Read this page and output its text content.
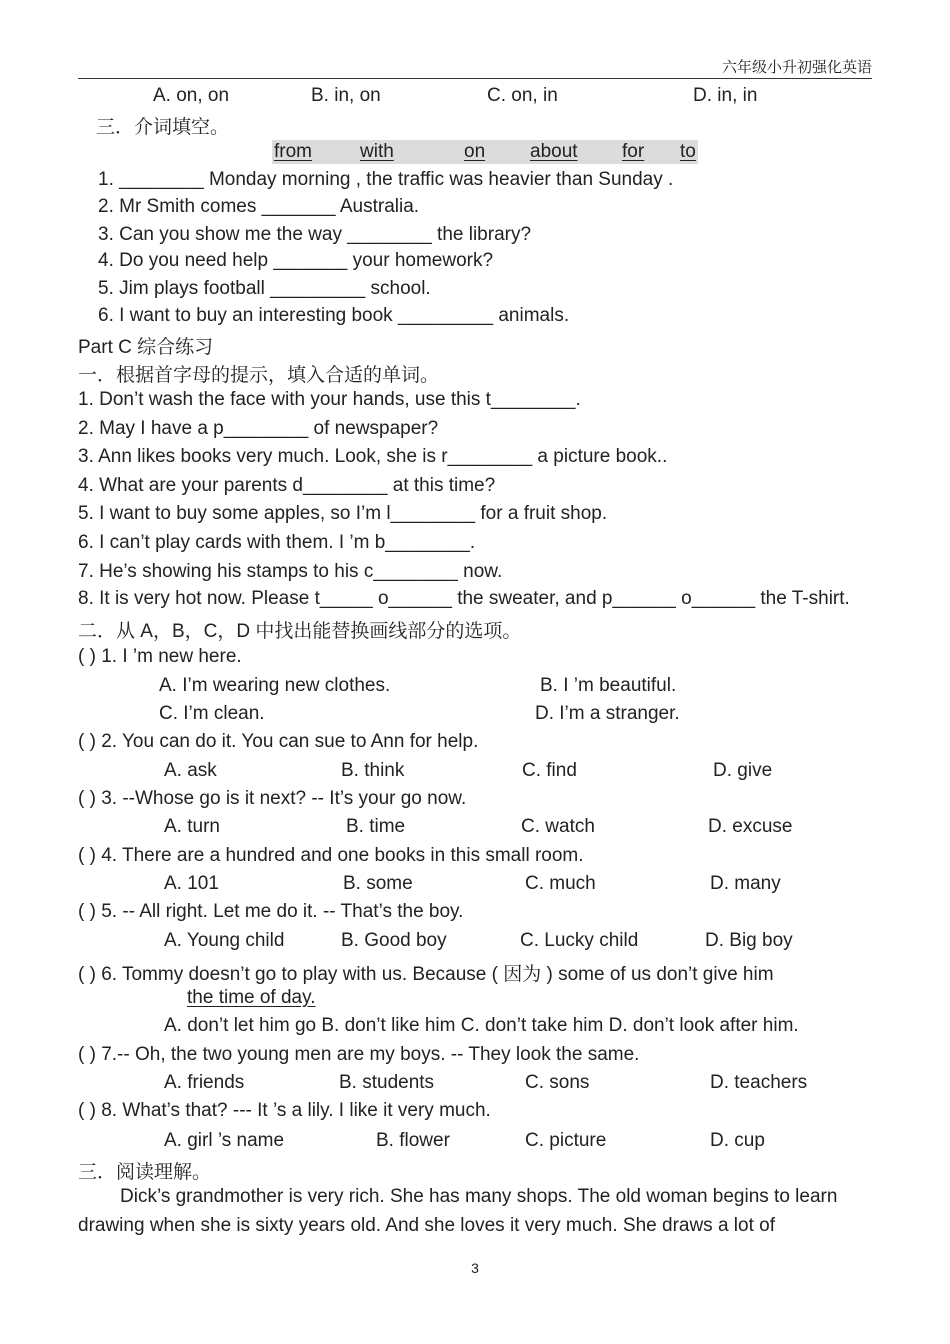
六年级小升初强化英语
A. on, on	B. in, on	C. on, in	D. in, in
三．介词填空。
from	with	on about for to
1. ________ Monday morning , the traffic was heavier than Sunday .
2. Mr Smith comes _______ Australia.
3. Can you show me the way ________ the library?
4. Do you need help _______ your homework?
5. Jim plays football _________ school.
6. I want to buy an interesting book _________ animals.
Part C 综合练习
一．根据首字母的提示，填入合适的单词。
1. Don’t wash the face with your hands, use this t________.
2. May I have a p________ of newspaper?
3. Ann likes books very much. Look, she is r________ a picture book..
4. What are your parents d________ at this time?
5. I want to buy some apples, so I’m l________ for a fruit shop.
6. I can’t play cards with them. I ’m b________.
7. He’s showing his stamps to his c________ now.
8. It is very hot now. Please t_____ o______ the sweater, and p______ o______ the T-shirt.
二．从 A，B，C，D 中找出能替换画线部分的选项。
( ) 1. I ’m new here.
A. I’m wearing new clothes.	B. I ’m beautiful.
C. I’m clean.	D. I’m a stranger.
( ) 2. You can do it. You can sue to Ann for help.
A. ask	B. think	C. find	D. give
( ) 3. --Whose go is it next? -- It’s your go now.
A. turn	B. time	C. watch	D. excuse
( ) 4. There are a hundred and one books in this small room.
A. 101	B. some	C. much	D. many
( ) 5. -- All right. Let me do it. -- That’s the boy.
A. Young child	B. Good boy	C. Lucky child	D. Big boy
( ) 6. Tommy doesn’t go to play with us. Because ( 因为 ) some of us don’t give him
the time of day.
A. don’t let him go B. don’t like him C. don’t take him D. don’t look after him.
( ) 7.-- Oh, the two young men are my boys. -- They look the same.
A. friends	B. students	C. sons	D. teachers
( ) 8. What’s that? --- It ’s a lily. I like it very much.
A. girl ’s name	B. flower	C. picture	D. cup
三．阅读理解。
Dick’s grandmother is very rich. She has many shops. The old woman begins to learn
drawing when she is sixty years old. And she loves it very much. She draws a lot of
3
